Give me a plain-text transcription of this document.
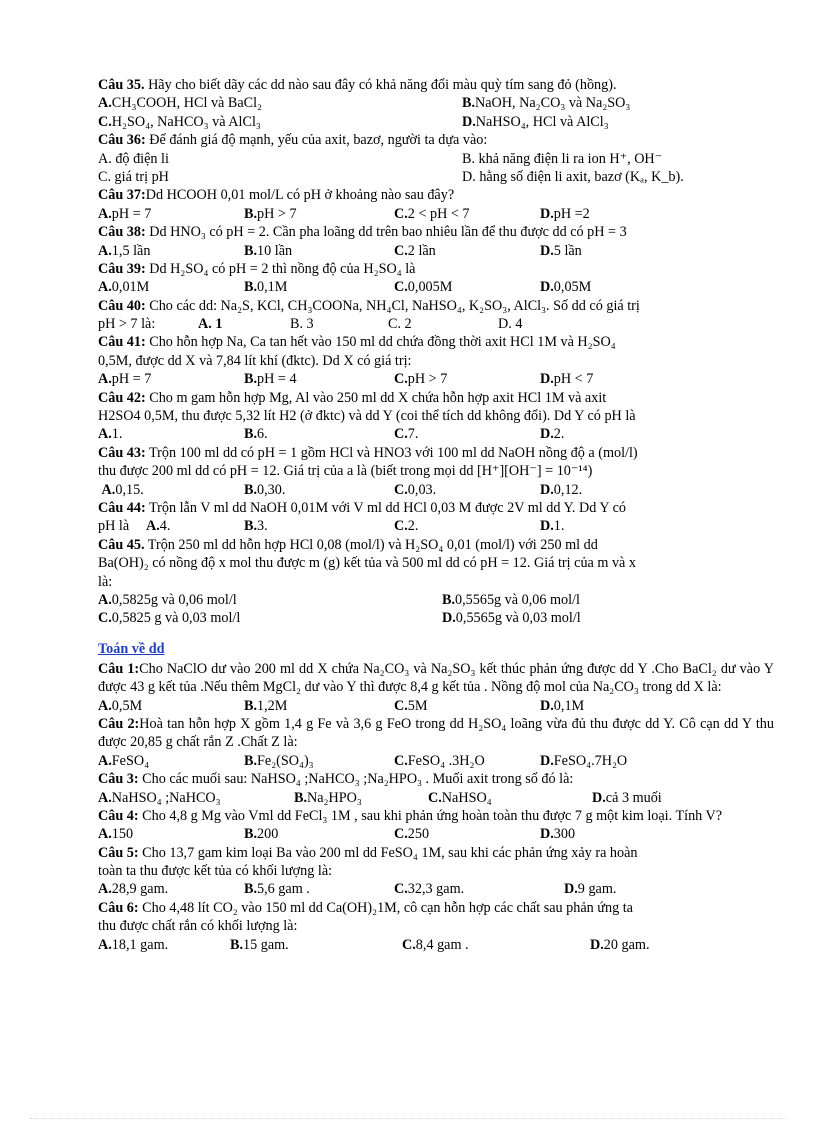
Câu 35. Hãy cho biết dãy các dd nào sau đây có khả năng đổi màu quỳ tím sang đỏ (hồng).
A.CH₃COOH, HCl và BaCl₂	B.NaOH, Na₂CO₃ và Na₂SO₃
C.H₂SO₄, NaHCO₃ và AlCl₃	D.NaHSO₄, HCl và AlCl₃
Câu 36: Để đánh giá độ mạnh, yếu của axit, bazơ, người ta dựa vào:
A. độ điện li	B. khả năng điện li ra ion H⁺, OH⁻
C. giá trị pH	D. hằng số điện li axit, bazơ (Kₐ, K_b).
Câu 37:Dd HCOOH 0,01 mol/L có pH ở khoảng nào sau đây?
A.pH = 7	B.pH > 7	C.2 < pH < 7	D.pH =2
Câu 38: Dd HNO₃ có pH = 2. Cần pha loãng dd trên bao nhiêu lần để thu được dd có pH = 3
A.1,5 lần	B.10 lần	C.2 lần	D.5 lần
Câu 39: Dd H₂SO₄ có pH = 2 thì nồng độ của H₂SO₄ là
A.0,01M	B.0,1M	C.0,005M	D.0,05M
Câu 40: Cho các dd: Na₂S, KCl, CH₃COONa, NH₄Cl, NaHSO₄, K₂SO₃, AlCl₃. Số dd có giá trị
pH > 7 là:	A. 1	B. 3	C. 2	D. 4
Câu 41: Cho hỗn hợp Na, Ca tan hết vào 150 ml dd chứa đồng thời axit HCl 1M và H₂SO₄
0,5M, được dd X và 7,84 lít khí (đktc). Dd X có giá trị:
A.pH = 7	B.pH = 4	C.pH > 7	D.pH < 7
Câu 42: Cho m gam hỗn hợp Mg, Al vào 250 ml dd X chứa hỗn hợp axit HCl 1M và axit
H2SO4 0,5M, thu được 5,32 lít H2 (ở đktc) và dd Y (coi thể tích dd không đổi). Dd Y có pH là
A.1.	B.6.	C.7.	D.2.
Câu 43: Trộn 100 ml dd có pH = 1 gồm HCl và HNO3 với 100 ml dd NaOH nồng độ a (mol/l)
thu được 200 ml dd có pH = 12. Giá trị của a là (biết trong mọi dd [H⁺][OH⁻] = 10⁻¹⁴)
A.0,15.	B.0,30.	C.0,03.	D.0,12.
Câu 44: Trộn lẫn V ml dd NaOH 0,01M với V ml dd HCl 0,03 M được 2V ml dd Y. Dd Y có
pH là	A.4.	B.3.	C.2.	D.1.
Câu 45. Trộn 250 ml dd hỗn hợp HCl 0,08 (mol/l) và H₂SO₄ 0,01 (mol/l) với 250 ml dd
Ba(OH)₂ có nồng độ x mol thu được m (g) kết tủa và 500 ml dd có pH = 12. Giá trị của m và x
là:
A.0,5825g và 0,06 mol/l	B.0,5565g và 0,06 mol/l
C.0,5825 g và 0,03 mol/l	D.0,5565g và 0,03 mol/l
Toán về dd
Câu 1:Cho NaClO dư vào 200 ml dd X chứa Na₂CO₃ và Na₂SO₃ kết thúc phản ứng được dd Y .Cho BaCl₂ dư vào Y được 43 g kết tủa .Nếu thêm MgCl₂ dư vào Y thì được 8,4 g kết tủa . Nồng độ mol của Na₂CO₃ trong dd X là:
A.0,5M	B.1,2M	C.5M	D.0,1M
Câu 2:Hoà tan hỗn hợp X gồm 1,4 g Fe và 3,6 g FeO trong dd H₂SO₄ loãng vừa đủ thu được dd Y. Cô cạn dd Y thu được 20,85 g chất rắn Z .Chất Z là:
A.FeSO₄	B.Fe₂(SO₄)₃	C.FeSO₄ .3H₂O	D.FeSO₄.7H₂O
Câu 3: Cho các muối sau: NaHSO₄ ;NaHCO₃ ;Na₂HPO₃ . Muối axit trong số đó là:
A.NaHSO₄ ;NaHCO₃	B.Na₂HPO₃	C.NaHSO₄	D.cả 3 muối
Câu 4: Cho 4,8 g Mg vào Vml dd FeCl₃ 1M , sau khi phản ứng hoàn toàn thu được 7 g một kim loại. Tính V?
A.150	B.200	C.250	D.300
Câu 5: Cho 13,7 gam kim loại Ba vào 200 ml dd FeSO₄ 1M, sau khi các phản ứng xảy ra hoàn
toàn ta thu được kết tủa có khối lượng là:
A.28,9 gam.	B.5,6 gam .	C.32,3 gam.	D.9 gam.
Câu 6: Cho 4,48 lít CO₂ vào 150 ml dd Ca(OH)₂1M, cô cạn hỗn hợp các chất sau phản ứng ta
thu được chất rắn có khối lượng là:
A.18,1 gam.	B.15 gam.	C.8,4 gam .	D.20 gam.
